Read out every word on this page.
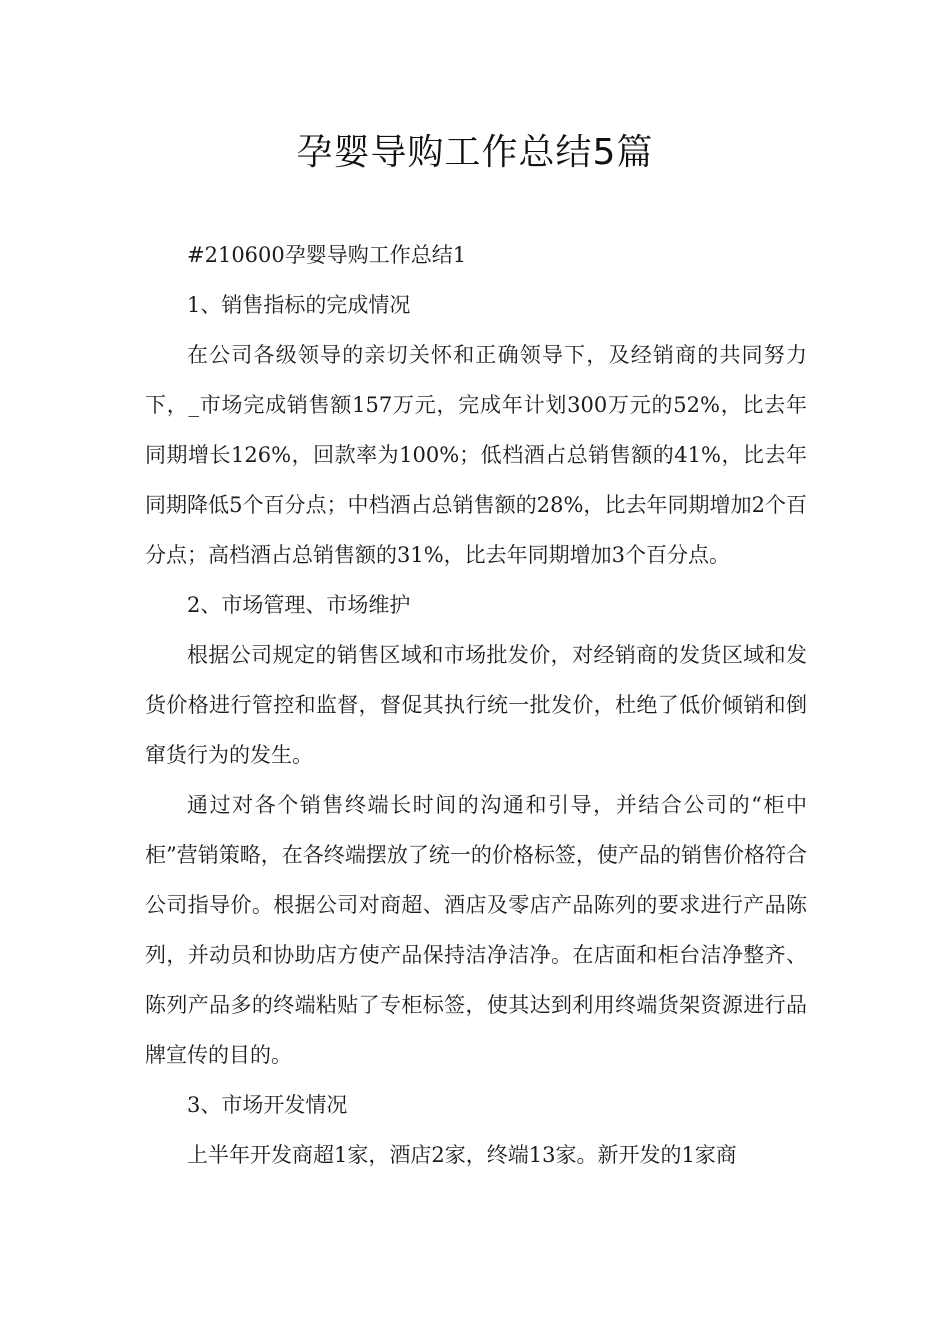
孕婴导购工作总结5篇

#210600孕婴导购工作总结1

1、销售指标的完成情况

在公司各级领导的亲切关怀和正确领导下，及经销商的共同努力下，_市场完成销售额157万元，完成年计划300万元的52%，比去年同期增长126%，回款率为100%；低档酒占总销售额的41%，比去年同期降低5个百分点；中档酒占总销售额的28%，比去年同期增加2个百分点；高档酒占总销售额的31%，比去年同期增加3个百分点。

2、市场管理、市场维护

根据公司规定的销售区域和市场批发价，对经销商的发货区域和发货价格进行管控和监督，督促其执行统一批发价，杜绝了低价倾销和倒窜货行为的发生。

通过对各个销售终端长时间的沟通和引导，并结合公司的“柜中柜”营销策略，在各终端摆放了统一的价格标签，使产品的销售价格符合公司指导价。根据公司对商超、酒店及零店产品陈列的要求进行产品陈列，并动员和协助店方使产品保持洁净洁净。在店面和柜台洁净整齐、陈列产品多的终端粘贴了专柜标签，使其达到利用终端货架资源进行品牌宣传的目的。

3、市场开发情况

上半年开发商超1家，酒店2家，终端13家。新开发的1家商
